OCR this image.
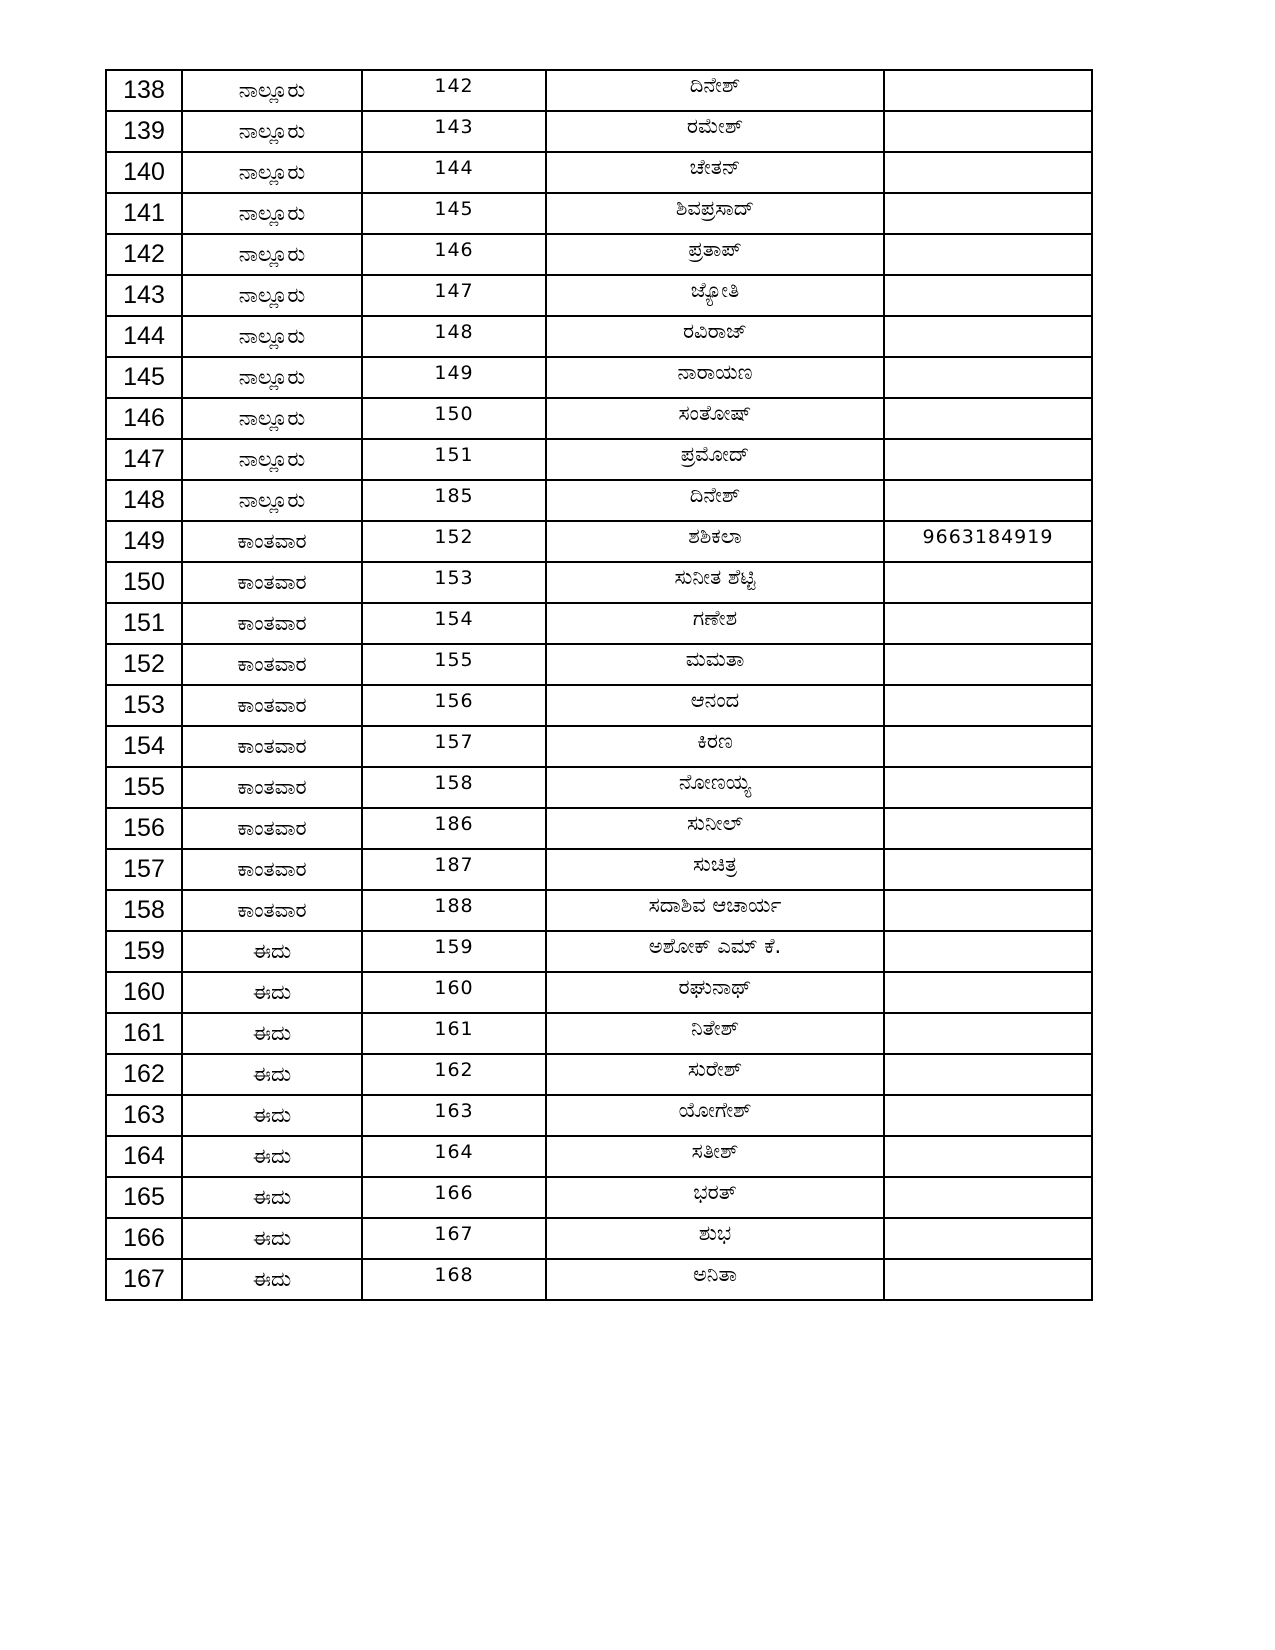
138	ನಾಲ್ಲೂರು	142	ದಿನೇಶ್	
139	ನಾಲ್ಲೂರು	143	ರಮೇಶ್	
140	ನಾಲ್ಲೂರು	144	ಚೇತನ್	
141	ನಾಲ್ಲೂರು	145	ಶಿವಪ್ರಸಾದ್	
142	ನಾಲ್ಲೂರು	146	ಪ್ರತಾಪ್	
143	ನಾಲ್ಲೂರು	147	ಜ್ಯೋತಿ	
144	ನಾಲ್ಲೂರು	148	ರವಿರಾಜ್	
145	ನಾಲ್ಲೂರು	149	ನಾರಾಯಣ	
146	ನಾಲ್ಲೂರು	150	ಸಂತೋಷ್	
147	ನಾಲ್ಲೂರು	151	ಪ್ರಮೋದ್	
148	ನಾಲ್ಲೂರು	185	ದಿನೇಶ್	
149	ಕಾಂತವಾರ	152	ಶಶಿಕಲಾ	9663184919
150	ಕಾಂತವಾರ	153	ಸುನೀತ ಶೆಟ್ಟಿ	
151	ಕಾಂತವಾರ	154	ಗಣೇಶ	
152	ಕಾಂತವಾರ	155	ಮಮತಾ	
153	ಕಾಂತವಾರ	156	ಆನಂದ	
154	ಕಾಂತವಾರ	157	ಕಿರಣ	
155	ಕಾಂತವಾರ	158	ನೋಣಯ್ಯ	
156	ಕಾಂತವಾರ	186	ಸುನೀಲ್	
157	ಕಾಂತವಾರ	187	ಸುಚಿತ್ರ	
158	ಕಾಂತವಾರ	188	ಸದಾಶಿವ ಆಚಾರ್ಯ	
159	ಈದು	159	ಅಶೋಕ್ ಎಮ್ ಕೆ.	
160	ಈದು	160	ರಘುನಾಥ್	
161	ಈದು	161	ನಿತೇಶ್	
162	ಈದು	162	ಸುರೇಶ್	
163	ಈದು	163	ಯೋಗೇಶ್	
164	ಈದು	164	ಸತೀಶ್	
165	ಈದು	166	ಭರತ್	
166	ಈದು	167	ಶುಭ	
167	ಈದು	168	ಅನಿತಾ	
